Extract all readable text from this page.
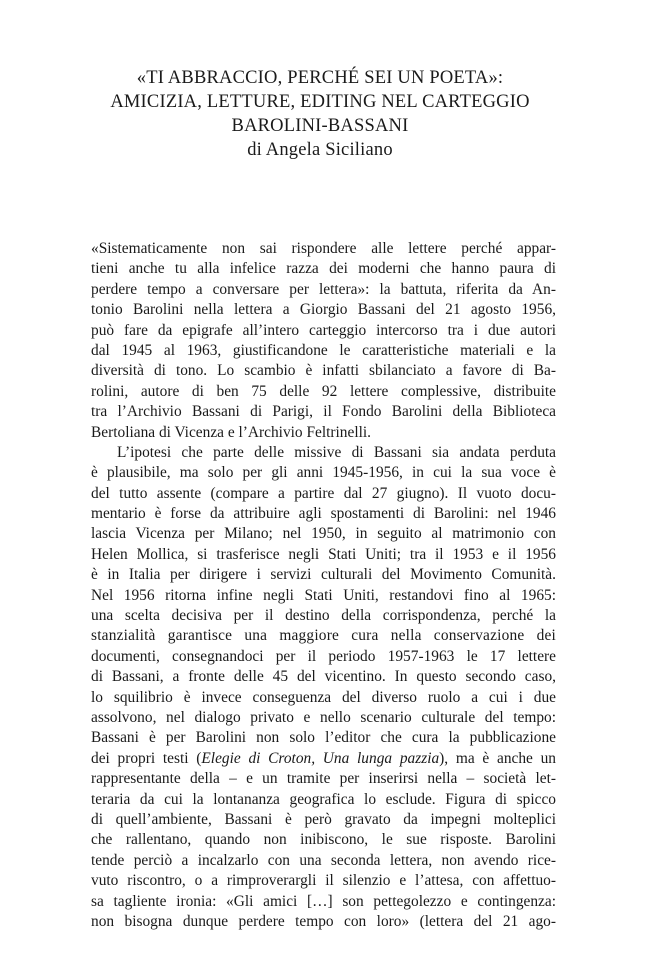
«TI ABBRACCIO, PERCHÉ SEI UN POETA»:
AMICIZIA, LETTURE, EDITING NEL CARTEGGIO
BAROLINI-BASSANI
di Angela Siciliano
«Sistematicamente non sai rispondere alle lettere perché appar-
tieni anche tu alla infelice razza dei moderni che hanno paura di
perdere tempo a conversare per lettera»: la battuta, riferita da An-
tonio Barolini nella lettera a Giorgio Bassani del 21 agosto 1956,
può fare da epigrafe all’intero carteggio intercorso tra i due autori
dal 1945 al 1963, giustificandone le caratteristiche materiali e la
diversità di tono. Lo scambio è infatti sbilanciato a favore di Ba-
rolini, autore di ben 75 delle 92 lettere complessive, distribuite
tra l’Archivio Bassani di Parigi, il Fondo Barolini della Biblioteca
Bertoliana di Vicenza e l’Archivio Feltrinelli.
L’ipotesi che parte delle missive di Bassani sia andata perduta
è plausibile, ma solo per gli anni 1945-1956, in cui la sua voce è
del tutto assente (compare a partire dal 27 giugno). Il vuoto docu-
mentario è forse da attribuire agli spostamenti di Barolini: nel 1946
lascia Vicenza per Milano; nel 1950, in seguito al matrimonio con
Helen Mollica, si trasferisce negli Stati Uniti; tra il 1953 e il 1956
è in Italia per dirigere i servizi culturali del Movimento Comunità.
Nel 1956 ritorna infine negli Stati Uniti, restandovi fino al 1965:
una scelta decisiva per il destino della corrispondenza, perché la
stanzialità garantisce una maggiore cura nella conservazione dei
documenti, consegnandoci per il periodo 1957-1963 le 17 lettere
di Bassani, a fronte delle 45 del vicentino. In questo secondo caso,
lo squilibrio è invece conseguenza del diverso ruolo a cui i due
assolvono, nel dialogo privato e nello scenario culturale del tempo:
Bassani è per Barolini non solo l’editor che cura la pubblicazione
dei propri testi (Elegie di Croton, Una lunga pazzia), ma è anche un
rappresentante della – e un tramite per inserirsi nella – società let-
teraria da cui la lontananza geografica lo esclude. Figura di spicco
di quell’ambiente, Bassani è però gravato da impegni molteplici
che rallentano, quando non inibiscono, le sue risposte. Barolini
tende perciò a incalzarlo con una seconda lettera, non avendo rice-
vuto riscontro, o a rimproverargli il silenzio e l’attesa, con affettuo-
sa tagliente ironia: «Gli amici […] son pettegolezzo e contingenza:
non bisogna dunque perdere tempo con loro» (lettera del 21 ago-
